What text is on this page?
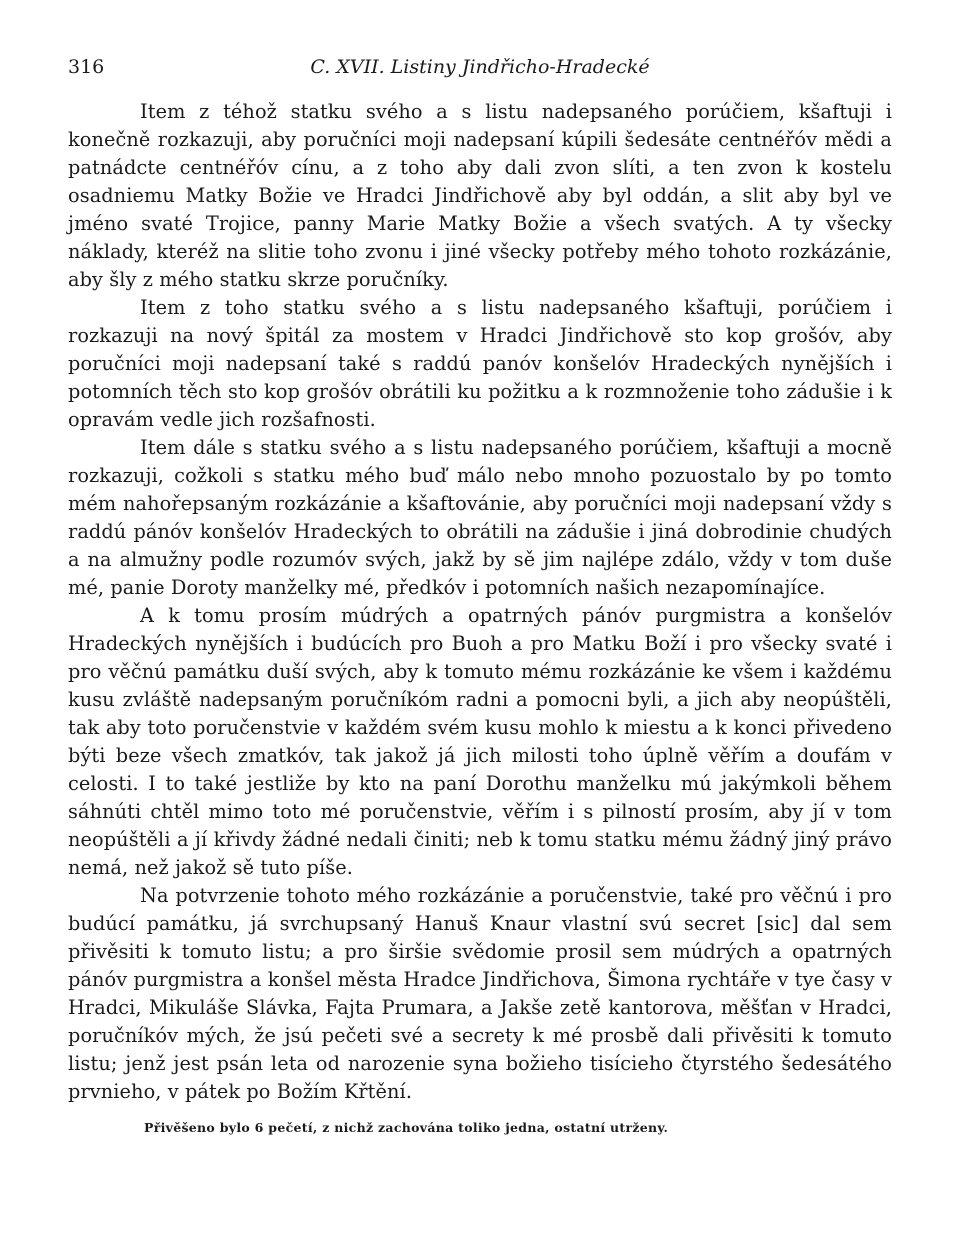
316	C. XVII. Listiny Jindřicho-Hradecké

Item z téhož statku svého a s listu nadepsaného porúčiem, kšaftuji i konečně rozkazuji, aby poručníci moji nadepsaní kúpili šedesáte centnéřóv mědi a patnádcte centnéřóv cínu, a z toho aby dali zvon slíti, a ten zvon k kostelu osadniemu Matky Božie ve Hradci Jindřichově aby byl oddán, a slit aby byl ve jméno svaté Trojice, panny Marie Matky Božie a všech svatých. A ty všecky náklady, kteréž na slitie toho zvonu i jiné všecky potřeby mého tohoto rozkázánie, aby šly z mého statku skrze poručníky.

Item z toho statku svého a s listu nadepsaného kšaftuji, porúčiem i rozkazuji na nový špitál za mostem v Hradci Jindřichově sto kop grošóv, aby poručníci moji nadepsaní také s raddú panóv konšelóv Hradeckých nynějších i potomních těch sto kop grošóv obrátili ku požitku a k rozmnoženie toho zádušie i k opravám vedle jich rozšafnosti.

Item dále s statku svého a s listu nadepsaného porúčiem, kšaftuji a mocně rozkazuji, cožkoli s statku mého buď málo nebo mnoho pozuostalo by po tomto mém nahořepsaným rozkázánie a kšaftovánie, aby poručníci moji nadepsaní vždy s raddú pánóv konšelóv Hradeckých to obrátili na zádušie i jiná dobrodinie chudých a na almužny podle rozumóv svých, jakž by sě jim najlépe zdálo, vždy v tom duše mé, panie Doroty manželky mé, předkóv i potomních našich nezapomínajíce.

A k tomu prosím múdrých a opatrných pánóv purgmistra a konšelóv Hradeckých nynějších i budúcích pro Buoh a pro Matku Boží i pro všecky svaté i pro věčnú památku duší svých, aby k tomuto mému rozkázánie ke všem i každému kusu zvláště nadepsaným poručníkóm radni a pomocni byli, a jich aby neopúštěli, tak aby toto poručenstvie v každém svém kusu mohlo k miestu a k konci přivedeno býti beze všech zmatkóv, tak jakož já jich milosti toho úplně věřím a doufám v celosti. I to také jestliže by kto na paní Dorothu manželku mú jakýmkoli během sáhnúti chtěl mimo toto mé poručenstvie, věřím i s pilností prosím, aby jí v tom neopúštěli a jí křivdy žádné nedali činiti; neb k tomu statku mému žádný jiný právo nemá, než jakož sě tuto píše.

Na potvrzenie tohoto mého rozkázánie a poručenstvie, také pro věčnú i pro budúcí památku, já svrchupsaný Hanuš Knaur vlastní svú secret [sic] dal sem přivěsiti k tomuto listu; a pro širšie svědomie prosil sem múdrých a opatrných pánóv purgmistra a konšel města Hradce Jindřichova, Šimona rychtáře v tye časy v Hradci, Mikuláše Slávka, Fajta Prumara, a Jakše zetě kantorova, měšťan v Hradci, poručníkóv mých, že jsú pečeti své a secrety k mé prosbě dali přivěsiti k tomuto listu; jenž jest psán leta od narozenie syna božieho tisícieho čtyrstého šedesátého prvnieho, v pátek po Božím Křtění.

Přivěšeno bylo 6 pečetí, z nichž zachována toliko jedna, ostatní utrženy.
